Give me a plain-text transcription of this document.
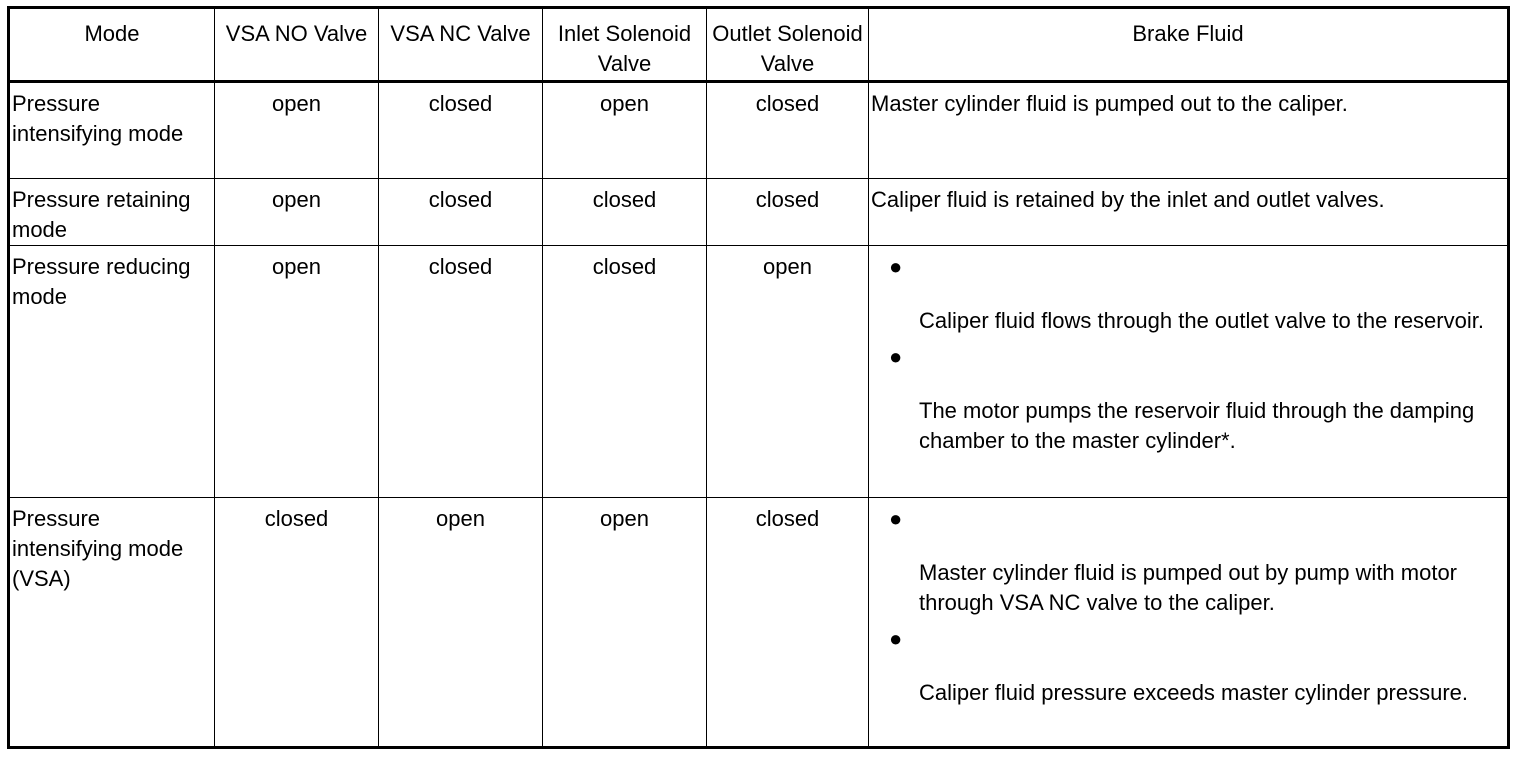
Mode	VSA NO Valve	VSA NC Valve	Inlet Solenoid Valve	Outlet Solenoid Valve	Brake Fluid
Pressure intensifying mode	open	closed	open	closed	Master cylinder fluid is pumped out to the caliper.
Pressure retaining mode	open	closed	closed	closed	Caliper fluid is retained by the inlet and outlet valves.
Pressure reducing mode	open	closed	closed	open	●
Caliper fluid flows through the outlet valve to the reservoir.
●
The motor pumps the reservoir fluid through the damping chamber to the master cylinder*.

Pressure intensifying mode (VSA)	closed	open	open	closed	●
Master cylinder fluid is pumped out by pump with motor through VSA NC valve to the caliper.
●
Caliper fluid pressure exceeds master cylinder pressure.
